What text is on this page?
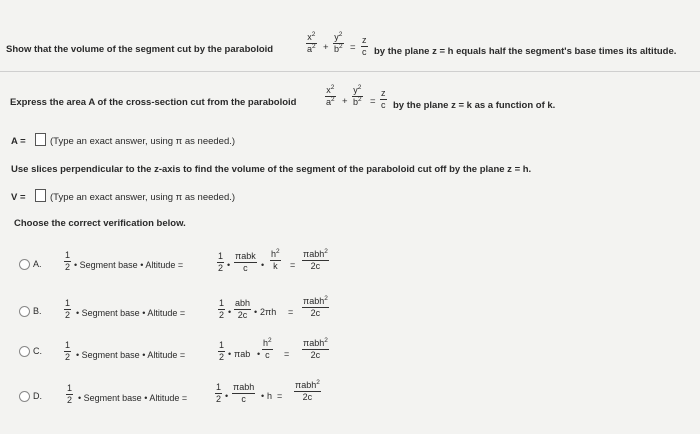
Show that the volume of the segment cut by the paraboloid
$x^2$
$a^2$ +
$y^2$
$b^2$ =
z
c by the plane z = h equals half the segment's base times its altitude.
Express the area A of the cross-section cut from the paraboloid
$x^2$
$a^2$ +
$y^2$
$b^2$ =
z
c by the plane z = k as a function of k.
A =	(Type an exact answer, using π as needed.)
Use slices perpendicular to the z-axis to find the volume of the segment of the paraboloid cut off by the plane z = h.
V =	(Type an exact answer, using π as needed.)
Choose the correct verification below.
A.
1
2 • Segment base • Altitude =
1
2 •
πabk
c •
$h^2$
k =
πabh$^2$
2c
B.
1
2 • Segment base • Altitude =
1
2 •
abh
2c • 2πh =
πabh$^2$
2c
C.
1
2 • Segment base • Altitude =
1
2 • πab •
$h^2$
c =
πabh$^2$
2c
D.
1
2 • Segment base • Altitude =
1
2 •
πabh
c • h =
πabh$^2$
2c
